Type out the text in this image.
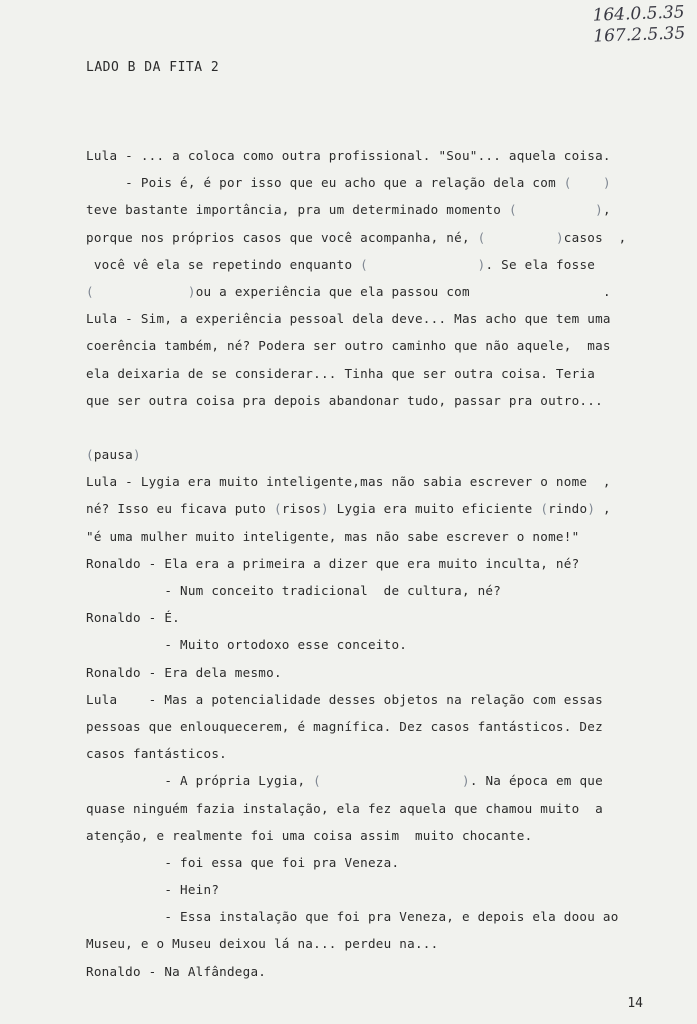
164.0.5.35
167.2.5.35
LADO B DA FITA 2
Lula - ... a coloca como outra profissional. "Sou"... aquela coisa.
- Pois é, é por isso que eu acho que a relação dela com ( )
teve bastante importância, pra um determinado momento (	),
porque nos próprios casos que você acompanha, né, (	)casos  ,
você vê ela se repetindo enquanto (	). Se ela fosse
(	)ou a experiência que ela passou com                 .
Lula - Sim, a experiência pessoal dela deve... Mas acho que tem uma
coerência também, né? Podera ser outro caminho que não aquele,  mas
ela deixaria de se considerar... Tinha que ser outra coisa. Teria
que ser outra coisa pra depois abandonar tudo, passar pra outro...
(pausa)
Lula - Lygia era muito inteligente,mas não sabia escrever o nome  ,
né? Isso eu ficava puto (risos) Lygia era muito eficiente (rindo) ,
"é uma mulher muito inteligente, mas não sabe escrever o nome!"
Ronaldo - Ela era a primeira a dizer que era muito inculta, né?
- Num conceito tradicional  de cultura, né?
Ronaldo - É.
- Muito ortodoxo esse conceito.
Ronaldo - Era dela mesmo.
Lula    - Mas a potencialidade desses objetos na relação com essas
pessoas que enlouquecerem, é magnífica. Dez casos fantásticos. Dez
casos fantásticos.
- A própria Lygia, (	). Na época em que
quase ninguém fazia instalação, ela fez aquela que chamou muito  a
atenção, e realmente foi uma coisa assim  muito chocante.
- foi essa que foi pra Veneza.
- Hein?
- Essa instalação que foi pra Veneza, e depois ela doou ao
Museu, e o Museu deixou lá na... perdeu na...
Ronaldo - Na Alfândega.
14
